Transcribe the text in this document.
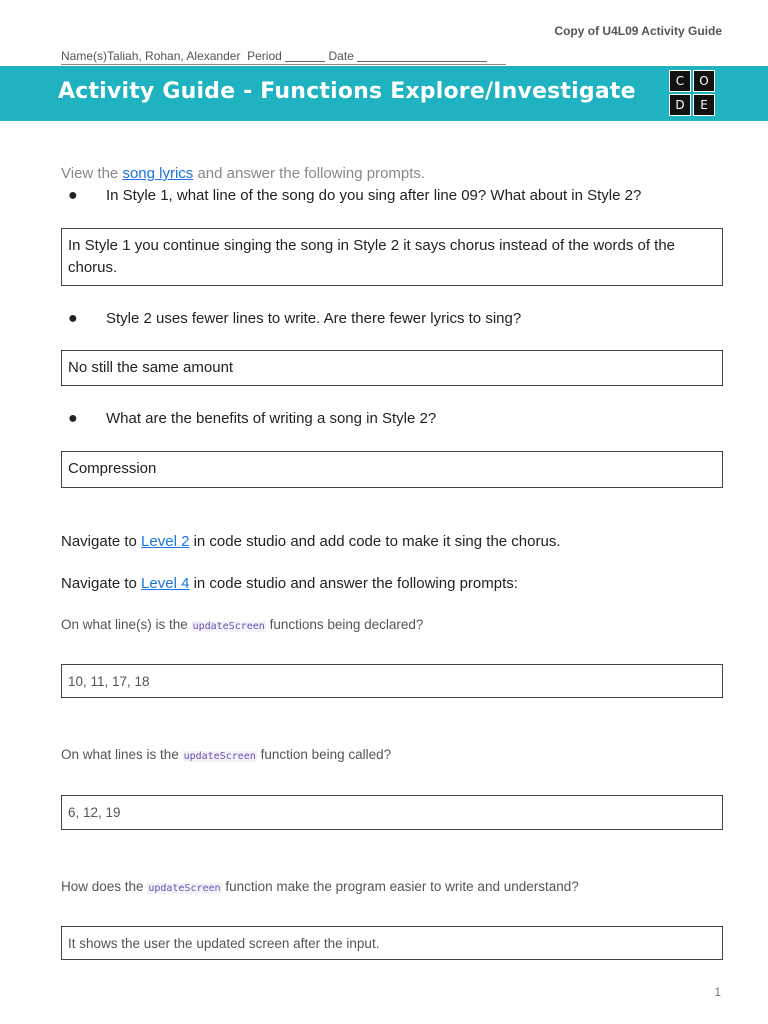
Copy of U4L09 Activity Guide
Name(s)Taliah, Rohan, Alexander Period	Date
Activity Guide - Functions Explore/Investigate	C	O
D	E
View the song lyrics and answer the following prompts.
●	In Style 1, what line of the song do you sing after line 09? What about in Style 2?
In Style 1 you continue singing the song in Style 2 it says chorus instead of the words of the chorus.
●	Style 2 uses fewer lines to write. Are there fewer lyrics to sing?
No still the same amount
●	What are the benefits of writing a song in Style 2?
Compression
Navigate to Level 2 in code studio and add code to make it sing the chorus.
Navigate to Level 4 in code studio and answer the following prompts:
On what line(s) is the updateScreen functions being declared?
10, 11, 17, 18
On what lines is the updateScreen function being called?
6, 12, 19
How does the updateScreen function make the program easier to write and understand?
It shows the user the updated screen after the input.
1
